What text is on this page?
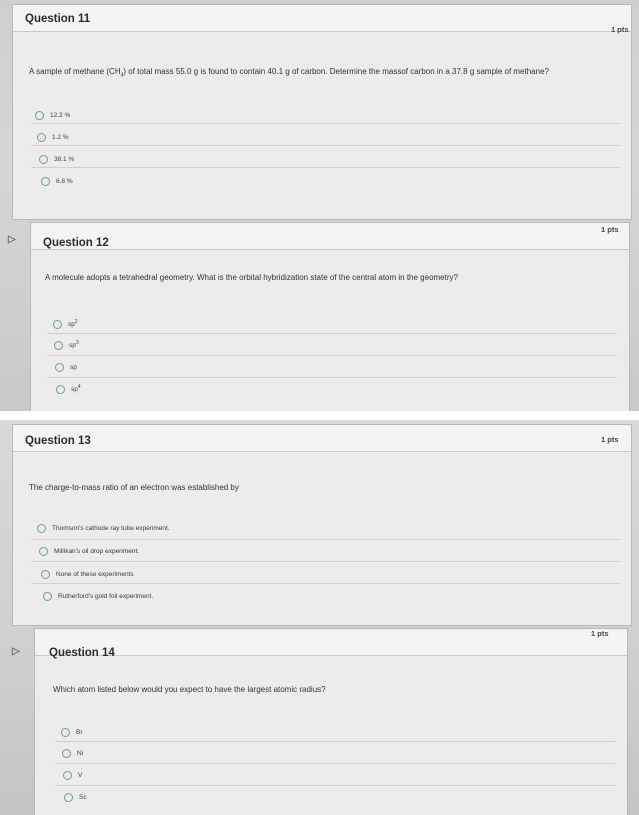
Question 11
1 pts
A sample of methane $(CH_4)$ of total mass 55.0 g is found to contain 40.1 g of carbon. Determine the massof carbon in a 37.8 g sample of methane?
12.2 %
1.2 %
38.1 %
6.8 %
▷ Question 12
1 pts
A molecule adopts a tetrahedral geometry. What is the orbital hybridization state of the central atom in the geometry?
$sp^2$
$sp^3$
sp
$sp^4$
Question 13	1 pts
The charge-to-mass ratio of an electron was established by
Thomson's cathode ray tube experiment.
Millikan's oil drop experiment.
None of these experiments
Rutherford's gold foil experiment.
▷	Question 14
1 pts
Which atom listed below would you expect to have the largest atomic radius?
Br
Ni
V
Sc
